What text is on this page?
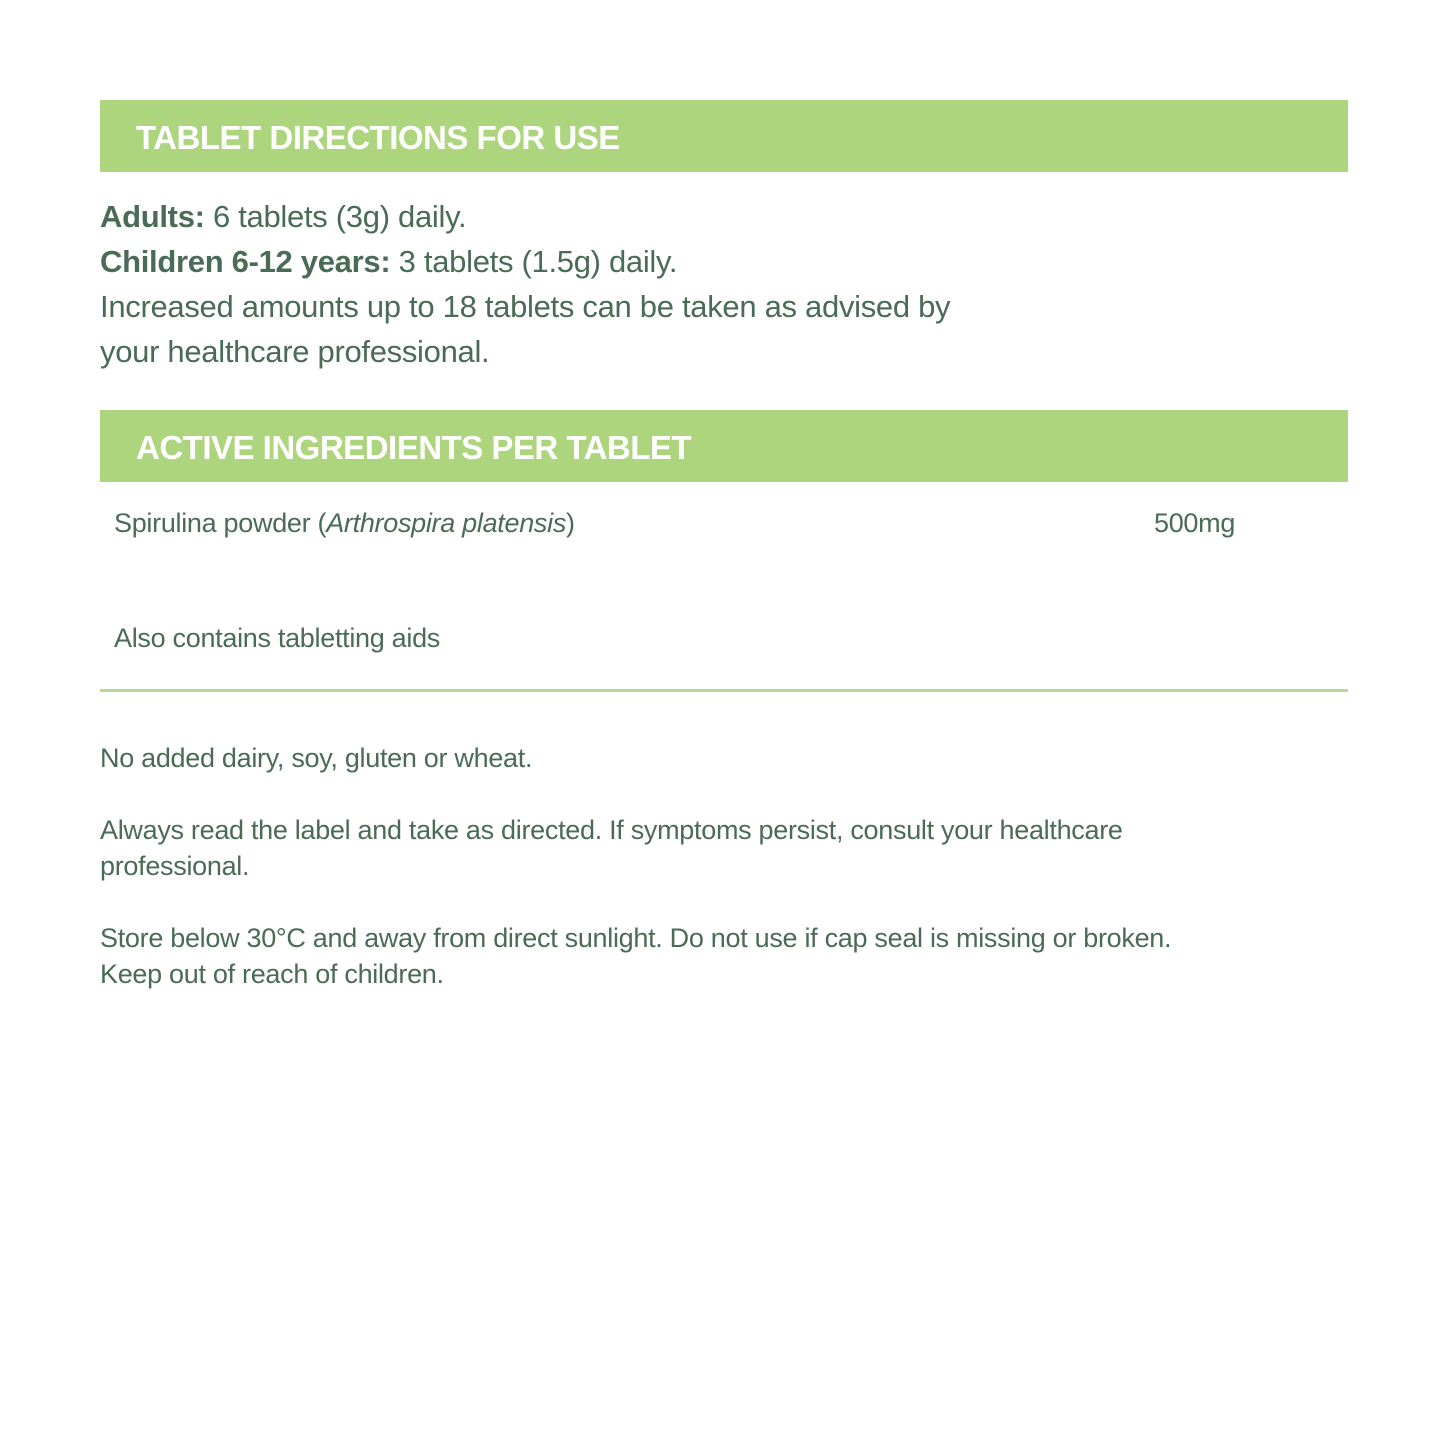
TABLET DIRECTIONS FOR USE
Adults: 6 tablets (3g) daily.
Children 6-12 years: 3 tablets (1.5g) daily.
Increased amounts up to 18 tablets can be taken as advised by
your healthcare professional.
ACTIVE INGREDIENTS PER TABLET
Spirulina powder (Arthrospira platensis)	500mg
Also contains tabletting aids

No added dairy, soy, gluten or wheat.

Always read the label and take as directed. If symptoms persist, consult your healthcare professional.

Store below 30°C and away from direct sunlight. Do not use if cap seal is missing or broken. Keep out of reach of children.
